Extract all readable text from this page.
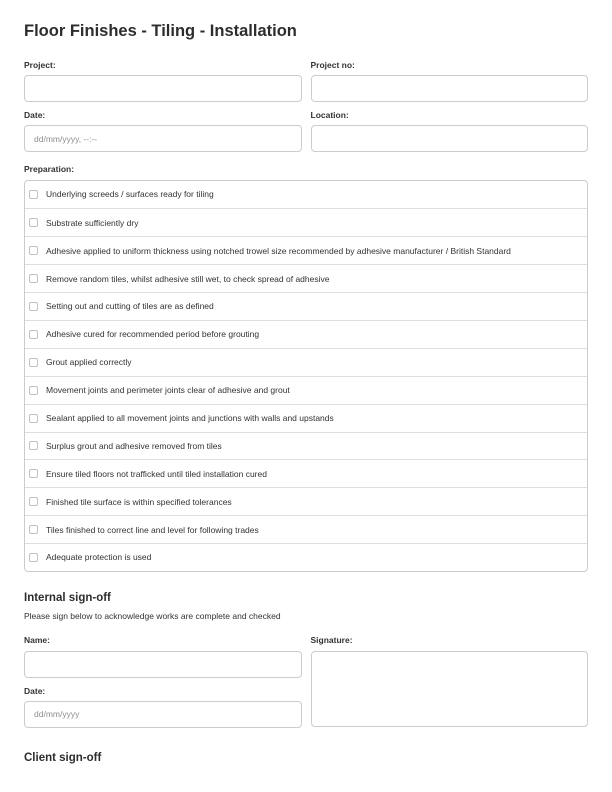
Floor Finishes - Tiling - Installation
Project:	Project no:
Date:
dd/mm/yyyy, --:--	Location:
Preparation:
Underlying screeds / surfaces ready for tiling
Substrate sufficiently dry
Adhesive applied to uniform thickness using notched trowel size recommended by adhesive manufacturer / British Standard
Remove random tiles, whilst adhesive still wet, to check spread of adhesive
Setting out and cutting of tiles are as defined
Adhesive cured for recommended period before grouting
Grout applied correctly
Movement joints and perimeter joints clear of adhesive and grout
Sealant applied to all movement joints and junctions with walls and upstands
Surplus grout and adhesive removed from tiles
Ensure tiled floors not trafficked until tiled installation cured
Finished tile surface is within specified tolerances
Tiles finished to correct line and level for following trades
Adequate protection is used
Internal sign-off

Please sign below to acknowledge works are complete and checked

Name:
Date:
dd/mm/yyyy
Signature:
Client sign-off
